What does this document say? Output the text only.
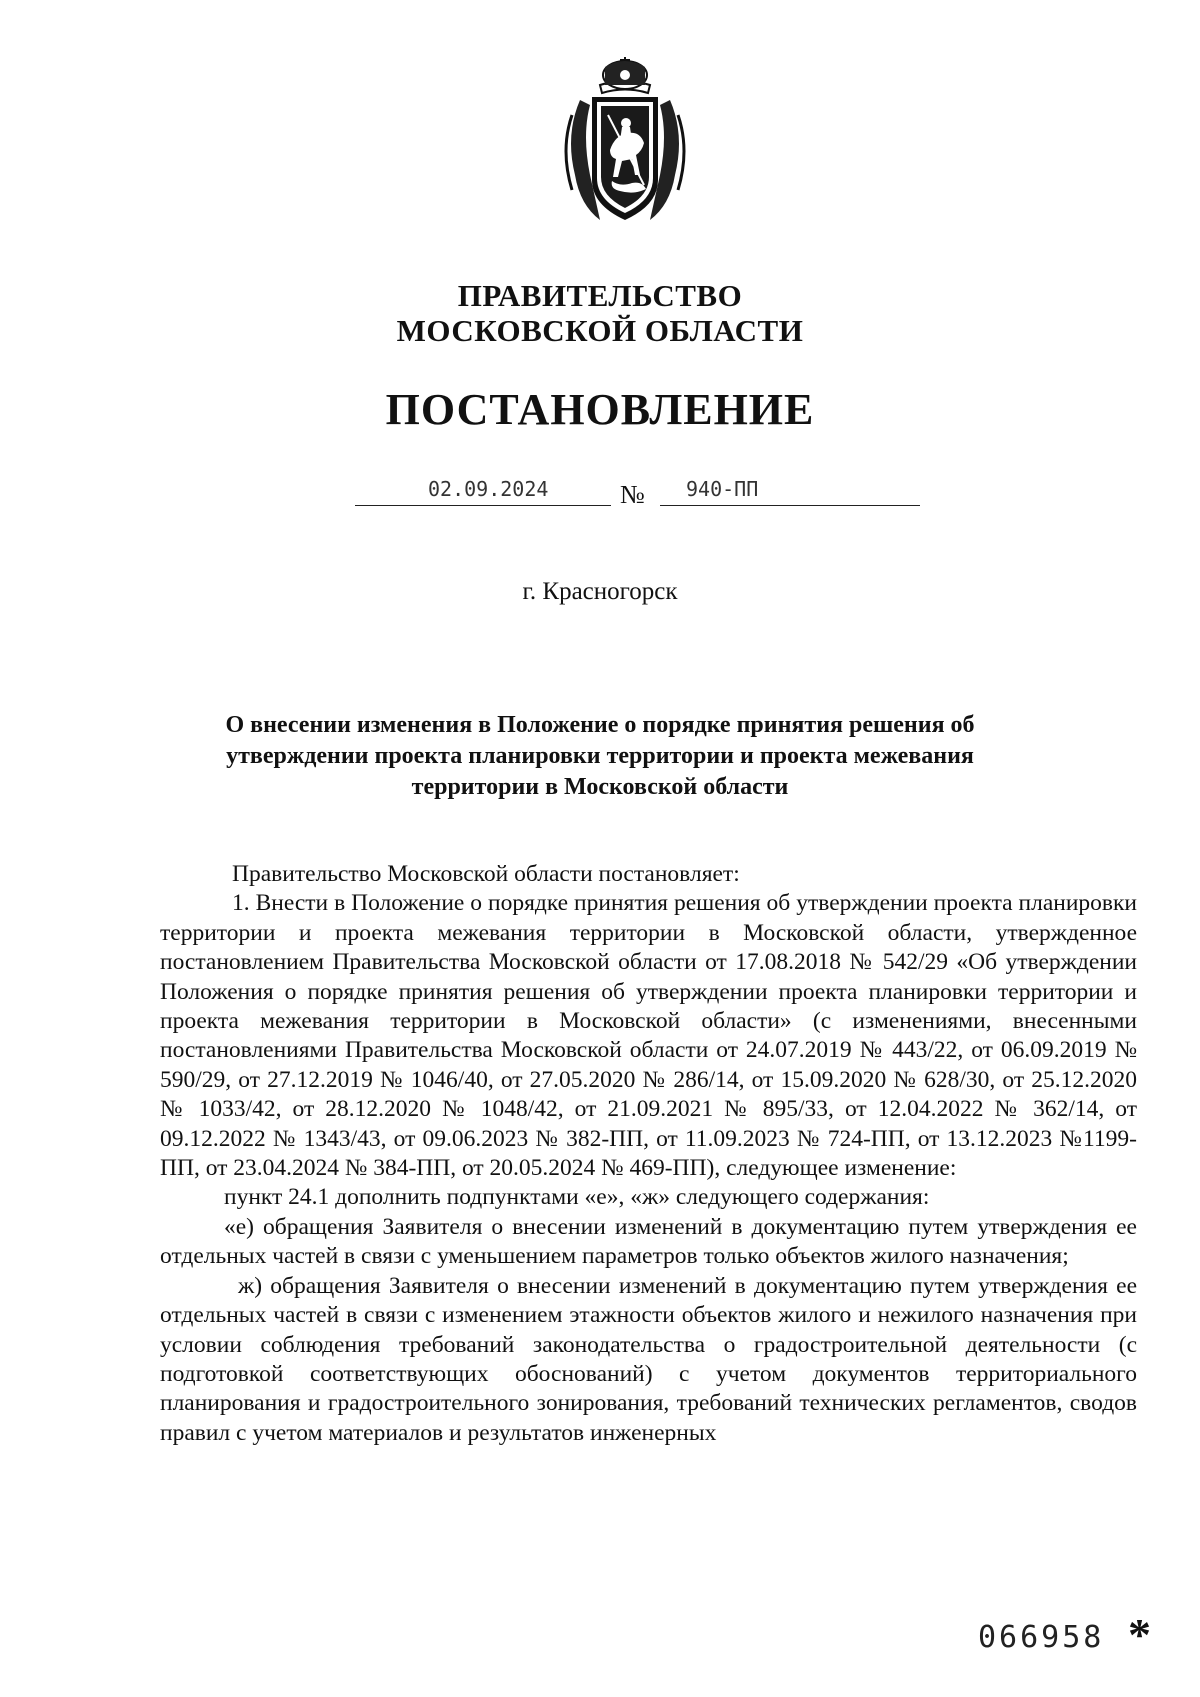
ПРАВИТЕЛЬСТВО
МОСКОВСКОЙ ОБЛАСТИ
ПОСТАНОВЛЕНИЕ
02.09.2024	№ 940-ПП
г. Красногорск
О внесении изменения в Положение о порядке принятия решения об утверждении проекта планировки территории и проекта межевания территории в Московской области

Правительство Московской области постановляет:

1. Внести в Положение о порядке принятия решения об утверждении проекта планировки территории и проекта межевания территории в Московской области, утвержденное постановлением Правительства Московской области от 17.08.2018 № 542/29 «Об утверждении Положения о порядке принятия решения об утверждении проекта планировки территории и проекта межевания территории в Московской области» (с изменениями, внесенными постановлениями Правительства Московской области от 24.07.2019 № 443/22, от 06.09.2019 № 590/29, от 27.12.2019 № 1046/40, от 27.05.2020 № 286/14, от 15.09.2020 № 628/30, от 25.12.2020 № 1033/42, от 28.12.2020 № 1048/42, от 21.09.2021 № 895/33, от 12.04.2022 № 362/14, от 09.12.2022 № 1343/43, от 09.06.2023 № 382-ПП, от 11.09.2023 № 724-ПП, от 13.12.2023 №1199-ПП, от 23.04.2024 № 384-ПП, от 20.05.2024 № 469-ПП), следующее изменение:

пункт 24.1 дополнить подпунктами «е», «ж» следующего содержания:

«е) обращения Заявителя о внесении изменений в документацию путем утверждения ее отдельных частей в связи с уменьшением параметров только объектов жилого назначения;

ж) обращения Заявителя о внесении изменений в документацию путем утверждения ее отдельных частей в связи с изменением этажности объектов жилого и нежилого назначения при условии соблюдения требований законодательства о градостроительной деятельности (с подготовкой соответствующих обоснований) с учетом документов территориального планирования и градостроительного зонирования, требований технических регламентов, сводов правил с учетом материалов и результатов инженерных

066958 *
